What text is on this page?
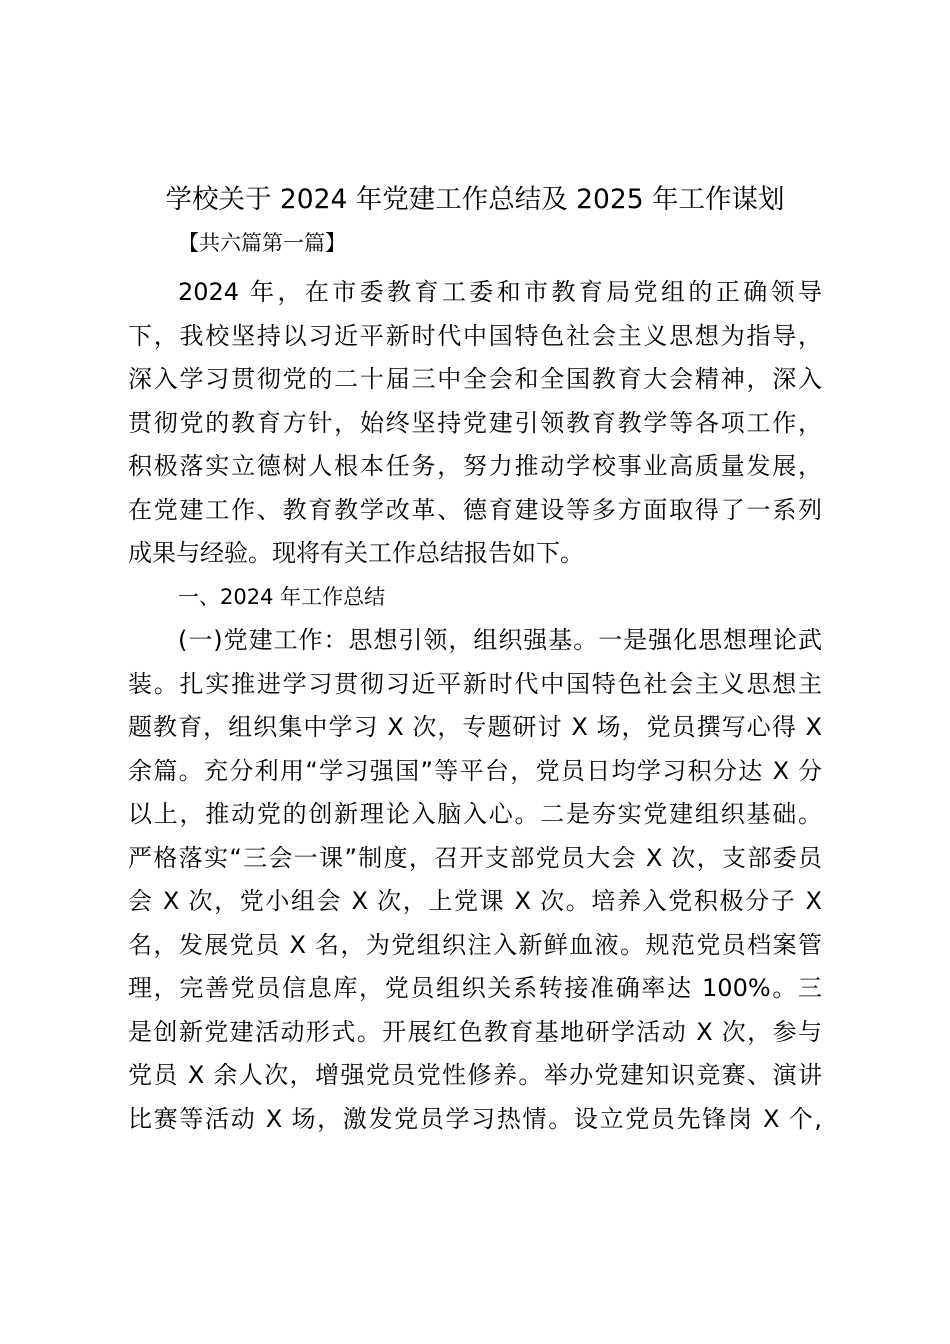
学校关于 2024 年党建工作总结及 2025 年工作谋划
【共六篇第一篇】
2024 年，在市委教育工委和市教育局党组的正确领导
下，我校坚持以习近平新时代中国特色社会主义思想为指导，
深入学习贯彻党的二十届三中全会和全国教育大会精神，深入
贯彻党的教育方针，始终坚持党建引领教育教学等各项工作，
积极落实立德树人根本任务，努力推动学校事业高质量发展，
在党建工作、教育教学改革、德育建设等多方面取得了一系列
成果与经验。现将有关工作总结报告如下。
一、2024 年工作总结
(一)党建工作：思想引领，组织强基。一是强化思想理论武
装。扎实推进学习贯彻习近平新时代中国特色社会主义思想主
题教育，组织集中学习 X 次，专题研讨 X 场，党员撰写心得 X
余篇。充分利用“学习强国”等平台，党员日均学习积分达 X 分
以上，推动党的创新理论入脑入心。二是夯实党建组织基础。
严格落实“三会一课”制度，召开支部党员大会 X 次，支部委员
会 X 次，党小组会 X 次，上党课 X 次。培养入党积极分子 X
名，发展党员 X 名，为党组织注入新鲜血液。规范党员档案管
理，完善党员信息库，党员组织关系转接准确率达 100%。三
是创新党建活动形式。开展红色教育基地研学活动 X 次，参与
党员 X 余人次，增强党员党性修养。举办党建知识竞赛、演讲
比赛等活动 X 场，激发党员学习热情。设立党员先锋岗 X 个,
